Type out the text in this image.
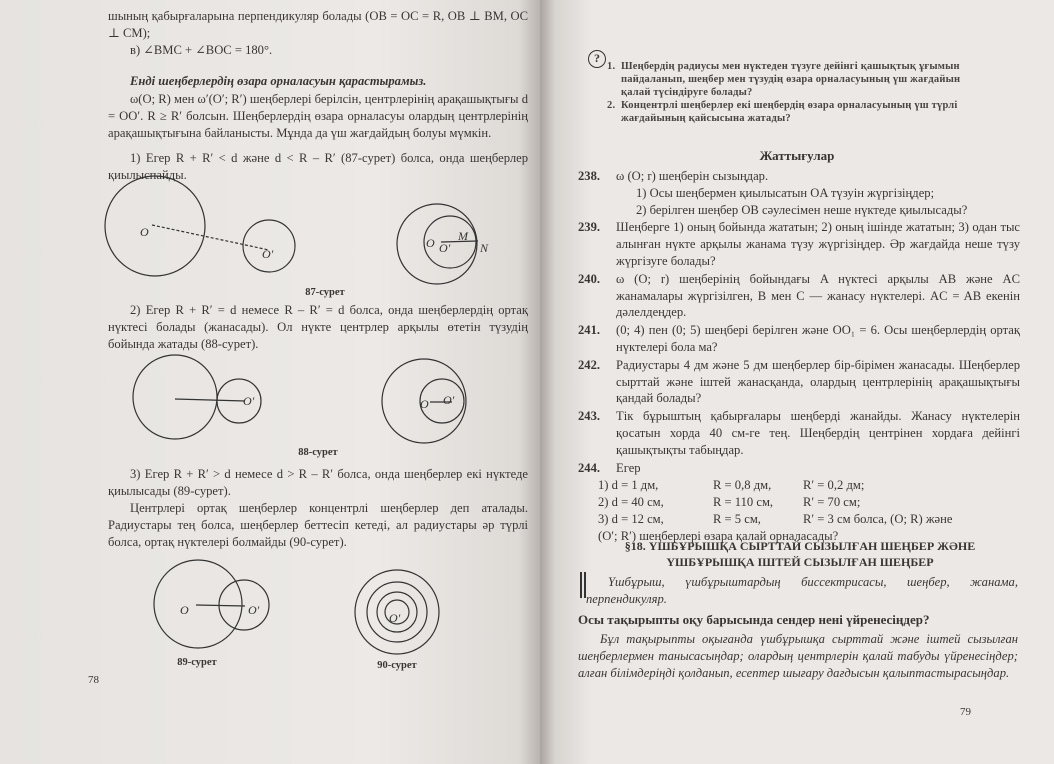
шының қабырғаларына перпендикуляр болады (OB = OC = R, OB ⊥ BM, OC ⊥ CM);
в) ∠BMC + ∠BOC = 180°.
Енді шеңберлердің өзара орналасуын қарастырамыз.
ω(O; R) мен ω′(O′; R′) шеңберлері берілсін, центрлерінің арақашықтығы d = OO′. R ≥ R′ болсын. Шеңберлердің өзара орналасуы олардың центрлерінің арақашықтығына байланысты. Мұнда да үш жағдайдың болуы мүмкін.
1) Егер R + R′ < d және d < R – R′ (87-сурет) болса, онда шеңберлер қиылыспайды.
O
O′
O O′
M
N
O′	O O′
O	O′
O′
87-сурет
2) Егер R + R′ = d немесе R – R′ = d болса, онда шеңберлердің ортақ нүктесі болады (жанасады). Ол нүкте центрлер арқылы өтетін түзудің бойында жатады (88-сурет).
88-сурет
3) Егер R + R′ > d немесе d > R – R′ болса, онда шеңберлер екі нүктеде қиылысады (89-сурет).
Центрлері ортақ шеңберлер концентрлі шеңберлер деп аталады. Радиустары тең болса, шеңберлер беттесіп кетеді, ал радиустары әр түрлі болса, ортақ нүктелері болмайды (90-сурет).
89-сурет	90-сурет
78
?
1. Шеңбердің радиусы мен нүктеден түзуге дейінгі қашықтық ұғымын пайдаланып, шеңбер мен түзудің өзара орналасуының үш жағдайын қалай түсіндіруге болады?
2. Концентрлі шеңберлер екі шеңбердің өзара орналасуының үш түрлі жағдайының қайсысына жатады?
Жаттығулар
238.	ω (O; r) шеңберін сызыңдар.
1) Осы шеңбермен қиылысатын OA түзуін жүргізіңдер;
2) берілген шеңбер OB сәулесімен неше нүктеде қиылысады?
239.	Шеңберге 1) оның бойында жататын; 2) оның ішінде жататын; 3) одан тыс алынған нүкте арқылы жанама түзу жүргізіңдер. Әр жағдайда неше түзу жүргізуге болады?
240.	ω (O; r) шеңберінің бойындағы A нүктесі арқылы AB және AC жанамалары жүргізілген, B мен C — жанасу нүктелері. AC = AB екенін дәлелдеңдер.
241.	(0; 4) пен (0; 5) шеңбері берілген және OO₁ = 6. Осы шеңберлердің ортақ нүктелері бола ма?
242.	Радиустары 4 дм және 5 дм шеңберлер бір-бірімен жанасады. Шеңберлер сырттай және іштей жанасқанда, олардың центрлерінің арақашықтығы қандай болады?
243.	Тік бұрыштың қабырғалары шеңберді жанайды. Жанасу нүктелерін қосатын хорда 40 см-ге тең. Шеңбердің центрінен хордаға дейінгі қашықтықты табыңдар.
244.	Егер
1) d = 1 дм,	R = 0,8 дм,	R′ = 0,2 дм;
2) d = 40 см,	R = 110 см,	R′ = 70 см;
3) d = 12 см,	R = 5 см,	R′ = 3 см болса, (O; R) және
(O′; R′) шеңберлері өзара қалай орналасады?
§18. ҮШБҰРЫШҚА СЫРТТАЙ СЫЗЫЛҒАН ШЕҢБЕР ЖӘНЕ ҮШБҰРЫШҚА ІШТЕЙ СЫЗЫЛҒАН ШЕҢБЕР
Үшбұрыш, үшбұрыштардың биссектрисасы, шеңбер, жанама, перпендикуляр.
Осы тақырыпты оқу барысында сендер нені үйренесіңдер?
Бұл тақырыпты оқығанда үшбұрышқа сырттай және іштей сызылған шеңберлермен танысасыңдар; олардың центрлерін қалай табуды үйренесіңдер; алған білімдеріңді қолданып, есептер шығару дағдысын қалыптастырасыңдар.
79
